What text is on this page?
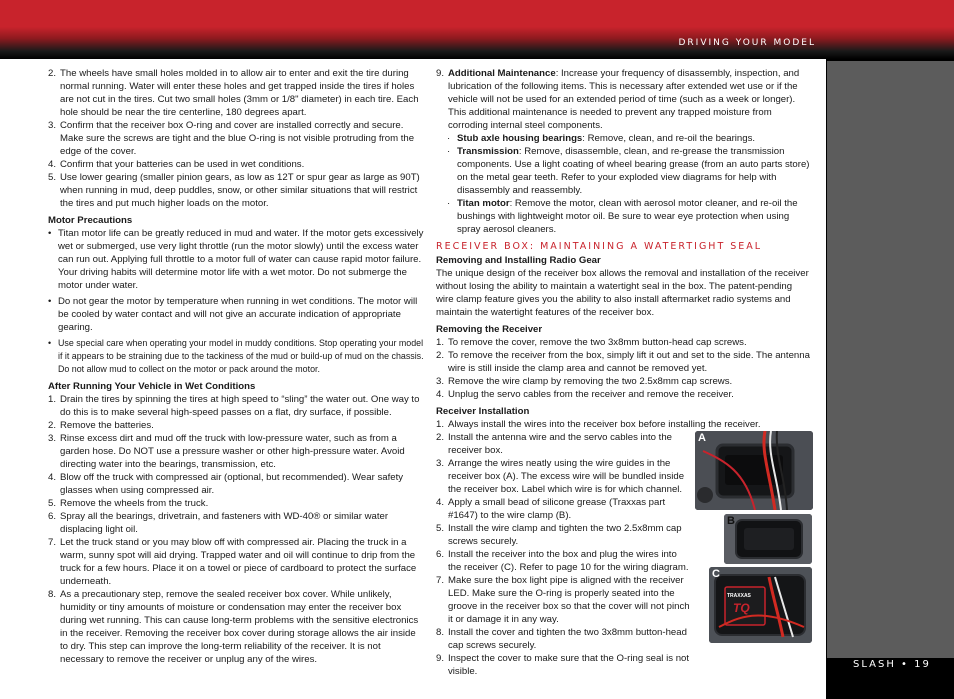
DRIVING YOUR MODEL
SLASH • 19
2. The wheels have small holes molded in to allow air to enter and exit the tire during normal running. Water will enter these holes and get trapped inside the tires if holes are not cut in the tires. Cut two small holes (3mm or 1/8" diameter) in each tire. Each hole should be near the tire centerline, 180 degrees apart.
3. Confirm that the receiver box O-ring and cover are installed correctly and secure. Make sure the screws are tight and the blue O-ring is not visible protruding from the edge of the cover.
4. Confirm that your batteries can be used in wet conditions.
5. Use lower gearing (smaller pinion gears, as low as 12T or spur gear as large as 90T) when running in mud, deep puddles, snow, or other similar situations that will restrict the tires and put much higher loads on the motor.
Motor Precautions
• Titan motor life can be greatly reduced in mud and water. If the motor gets excessively wet or submerged, use very light throttle (run the motor slowly) until the excess water can run out. Applying full throttle to a motor full of water can cause rapid motor failure. Your driving habits will determine motor life with a wet motor. Do not submerge the motor under water.
• Do not gear the motor by temperature when running in wet conditions. The motor will be cooled by water contact and will not give an accurate indication of appropriate gearing.
• Use special care when operating your model in muddy conditions. Stop operating your model if it appears to be straining due to the tackiness of the mud or build-up of mud on the chassis. Do not allow mud to collect on the motor or pack around the motor.
After Running Your Vehicle in Wet Conditions
1. Drain the tires by spinning the tires at high speed to “sling” the water out. One way to do this is to make several high-speed passes on a flat, dry surface, if possible.
2. Remove the batteries.
3. Rinse excess dirt and mud off the truck with low-pressure water, such as from a garden hose. Do NOT use a pressure washer or other high-pressure water. Avoid directing water into the bearings, transmission, etc.
4. Blow off the truck with compressed air (optional, but recommended). Wear safety glasses when using compressed air.
5. Remove the wheels from the truck.
6. Spray all the bearings, drivetrain, and fasteners with WD-40® or similar water displacing light oil.
7. Let the truck stand or you may blow off with compressed air. Placing the truck in a warm, sunny spot will aid drying. Trapped water and oil will continue to drip from the truck for a few hours. Place it on a towel or piece of cardboard to protect the surface underneath.
8. As a precautionary step, remove the sealed receiver box cover. While unlikely, humidity or tiny amounts of moisture or condensation may enter the receiver box during wet running. This can cause long-term problems with the sensitive electronics in the receiver. Removing the receiver box cover during storage allows the air inside to dry. This step can improve the long-term reliability of the receiver. It is not necessary to remove the receiver or unplug any of the wires.
9. Additional Maintenance: Increase your frequency of disassembly, inspection, and lubrication of the following items. This is necessary after extended wet use or if the vehicle will not be used for an extended period of time (such as a week or longer). This additional maintenance is needed to prevent any trapped moisture from corroding internal steel components.
· Stub axle housing bearings: Remove, clean, and re-oil the bearings.
· Transmission: Remove, disassemble, clean, and re-grease the transmission components. Use a light coating of wheel bearing grease (from an auto parts store) on the metal gear teeth. Refer to your exploded view diagrams for help with disassembly and reassembly.
· Titan motor: Remove the motor, clean with aerosol motor cleaner, and re-oil the bushings with lightweight motor oil. Be sure to wear eye protection when using spray aerosol cleaners.
RECEIVER BOX: MAINTAINING A WATERTIGHT SEAL
Removing and Installing Radio Gear
The unique design of the receiver box allows the removal and installation of the receiver without losing the ability to maintain a watertight seal in the box. The patent-pending wire clamp feature gives you the ability to also install aftermarket radio systems and maintain the watertight features of the receiver box.
Removing the Receiver
1. To remove the cover, remove the two 3x8mm button-head cap screws.
2. To remove the receiver from the box, simply lift it out and set to the side. The antenna wire is still inside the clamp area and cannot be removed yet.
3. Remove the wire clamp by removing the two 2.5x8mm cap screws.
4. Unplug the servo cables from the receiver and remove the receiver.
Receiver Installation
1. Always install the wires into the receiver box before installing the receiver.
2. Install the antenna wire and the servo cables into the receiver box.
3. Arrange the wires neatly using the wire guides in the receiver box (A). The excess wire will be bundled inside the receiver box. Label which wire is for which channel.
4. Apply a small bead of silicone grease (Traxxas part #1647) to the wire clamp (B).
5. Install the wire clamp and tighten the two 2.5x8mm cap screws securely.
6. Install the receiver into the box and plug the wires into the receiver (C). Refer to page 10 for the wiring diagram.
7. Make sure the box light pipe is aligned with the receiver LED. Make sure the O-ring is properly seated into the groove in the receiver box so that the cover will not pinch it or damage it in any way.
8. Install the cover and tighten the two 3x8mm button-head cap screws securely.
9. Inspect the cover to make sure that the O-ring seal is not visible.
A
B
C
TRAXXAS
TQ
